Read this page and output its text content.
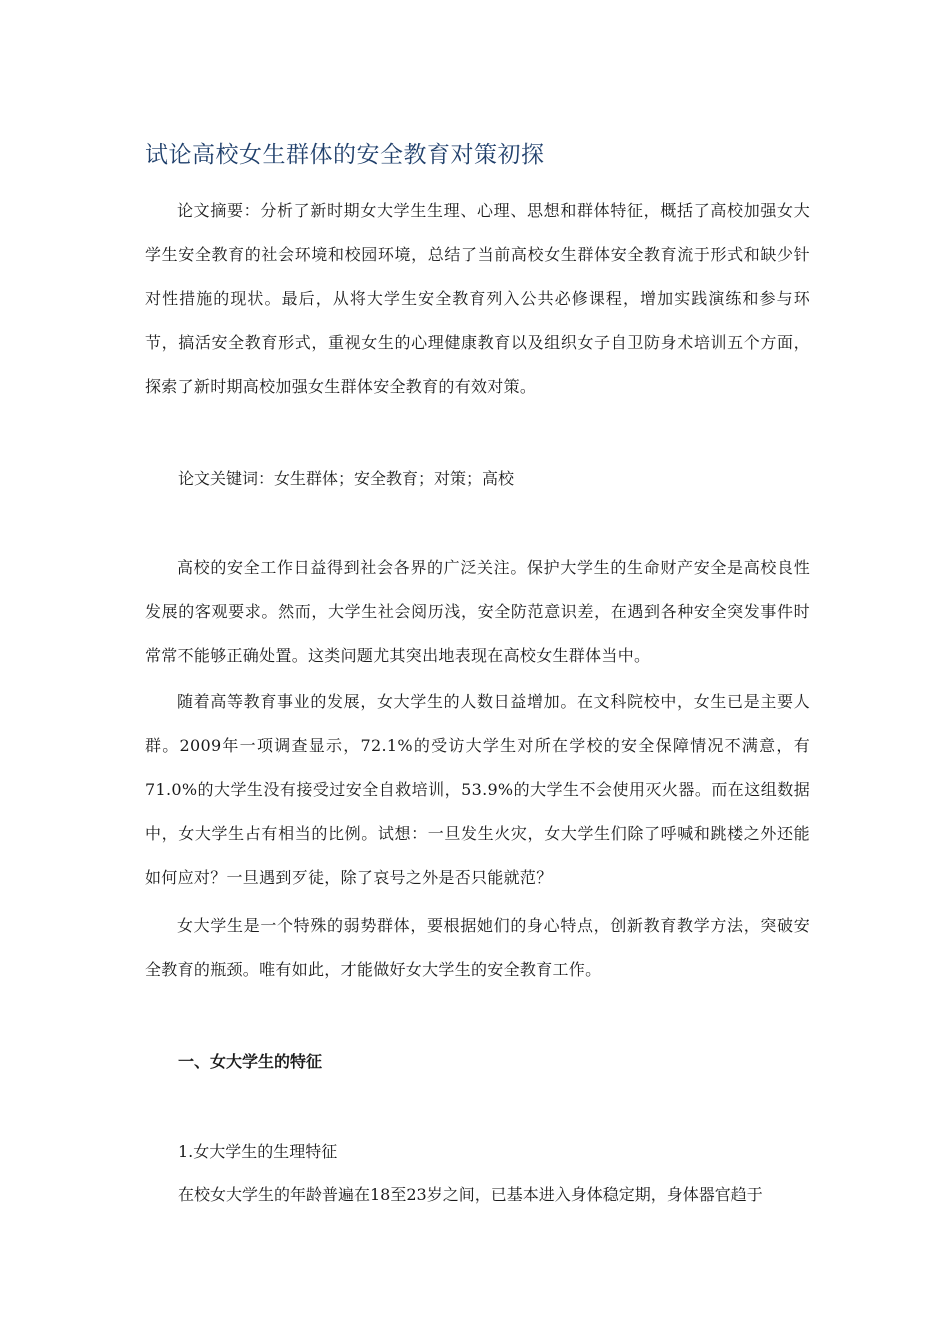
试论高校女生群体的安全教育对策初探

论文摘要：分析了新时期女大学生生理、心理、思想和群体特征，概括了高校加强女大学生安全教育的社会环境和校园环境，总结了当前高校女生群体安全教育流于形式和缺少针对性措施的现状。最后，从将大学生安全教育列入公共必修课程，增加实践演练和参与环节，搞活安全教育形式，重视女生的心理健康教育以及组织女子自卫防身术培训五个方面，探索了新时期高校加强女生群体安全教育的有效对策。

论文关键词：女生群体；安全教育；对策；高校

高校的安全工作日益得到社会各界的广泛关注。保护大学生的生命财产安全是高校良性发展的客观要求。然而，大学生社会阅历浅，安全防范意识差，在遇到各种安全突发事件时常常不能够正确处置。这类问题尤其突出地表现在高校女生群体当中。

随着高等教育事业的发展，女大学生的人数日益增加。在文科院校中，女生已是主要人群。2009年一项调查显示，72.1%的受访大学生对所在学校的安全保障情况不满意，有71.0%的大学生没有接受过安全自救培训，53.9%的大学生不会使用灭火器。而在这组数据中，女大学生占有相当的比例。试想：一旦发生火灾，女大学生们除了呼喊和跳楼之外还能如何应对？一旦遇到歹徒，除了哀号之外是否只能就范？

女大学生是一个特殊的弱势群体，要根据她们的身心特点，创新教育教学方法，突破安全教育的瓶颈。唯有如此，才能做好女大学生的安全教育工作。

一、女大学生的特征

1.女大学生的生理特征

在校女大学生的年龄普遍在18至23岁之间，已基本进入身体稳定期，身体器官趋于
